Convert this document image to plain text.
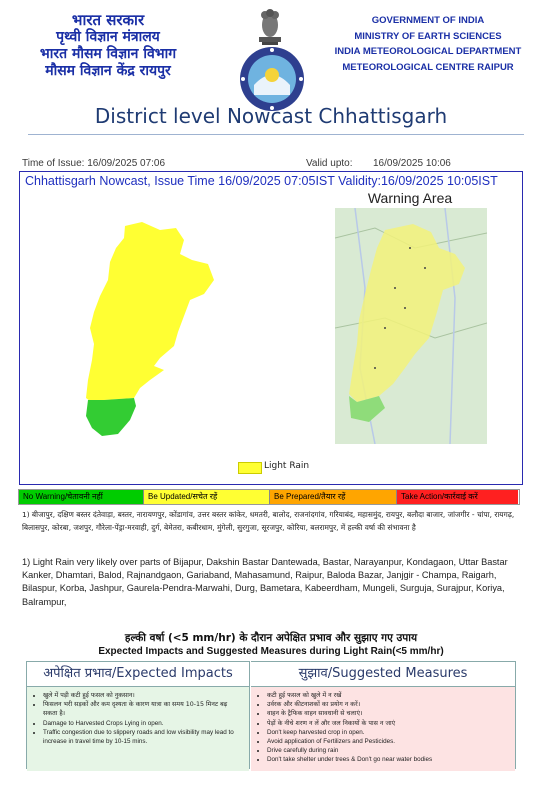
भारत सरकार
पृथ्वी विज्ञान मंत्रालय
भारत मौसम विज्ञान विभाग
मौसम विज्ञान केंद्र रायपुर
GOVERNMENT OF INDIA
MINISTRY OF EARTH SCIENCES
INDIA METEOROLOGICAL DEPARTMENT
METEOROLOGICAL CENTRE RAIPUR
District level Nowcast Chhattisgarh
Time of Issue: 16/09/2025 07:06	Valid upto: 16/09/2025 10:06
Chhattisgarh Nowcast, Issue Time 16/09/2025 07:05IST Validity:16/09/2025 10:05IST
Warning Area
Light Rain
No Warning/चेतावनी नहीं	Be Updated/सचेत रहें	Be Prepared/तैयार रहें	Take Action/कार्रवाई करें
1) बीजापुर, दक्षिण बस्तर दंतेवाड़ा, बस्तर, नारायणपुर, कोंडागांव, उत्तर बस्तर कांकेर, धमतरी, बालोद, राजनांदगांव, गरियाबंद, महासमुंद, रायपुर, बलौदा बाजार, जांजगीर - चांपा, रायगढ़, बिलासपुर, कोरबा, जशपुर, गौरेला-पेंड्रा-मरवाही, दुर्ग, बेमेतरा, कबीरधाम, मुंगेली, सुरगुजा, सूरजपुर, कोरिया, बलरामपुर, में हल्की वर्षा की संभावना है
1) Light Rain very likely over parts of Bijapur, Dakshin Bastar Dantewada, Bastar, Narayanpur, Kondagaon, Uttar Bastar Kanker, Dhamtari, Balod, Rajnandgaon, Gariaband, Mahasamund, Raipur, Baloda Bazar, Janjgir - Champa, Raigarh, Bilaspur, Korba, Jashpur, Gaurela-Pendra-Marwahi, Durg, Bametara, Kabeerdham, Mungeli, Surguja, Surajpur, Koriya, Balrampur,
हल्की वर्षा (<5 mm/hr) के दौरान अपेक्षित प्रभाव और सुझाए गए उपाय
Expected Impacts and Suggested Measures during Light Rain(<5 mm/hr)
अपेक्षित प्रभाव/Expected Impacts
• खुले में पड़ी कटी हुई फसल को नुकसान।
• फिसलन भरी सड़कों और कम दृश्यता के कारण यात्रा का समय 10-15 मिनट बढ़ सकता है।
• Damage to Harvested Crops Lying in open.
• Traffic congestion due to slippery roads and low visibility may lead to increase in travel time by 10-15 mins.
सुझाव/Suggested Measures
• कटी हुई फसल को खुले में न रखें
• उर्वरक और कीटनाशकों का प्रयोग न करें।
• वाहन के ट्रैफिक वाहन सावधानी से चलाएं।
• पेड़ों के नीचे शरण न लें और जल निकायों के पास न जाएं
• Don't keep harvested crop in open.
• Avoid application of Fertilizers and Pesticides.
• Drive carefully during rain
• Don't take shelter under trees & Don't go near water bodies
